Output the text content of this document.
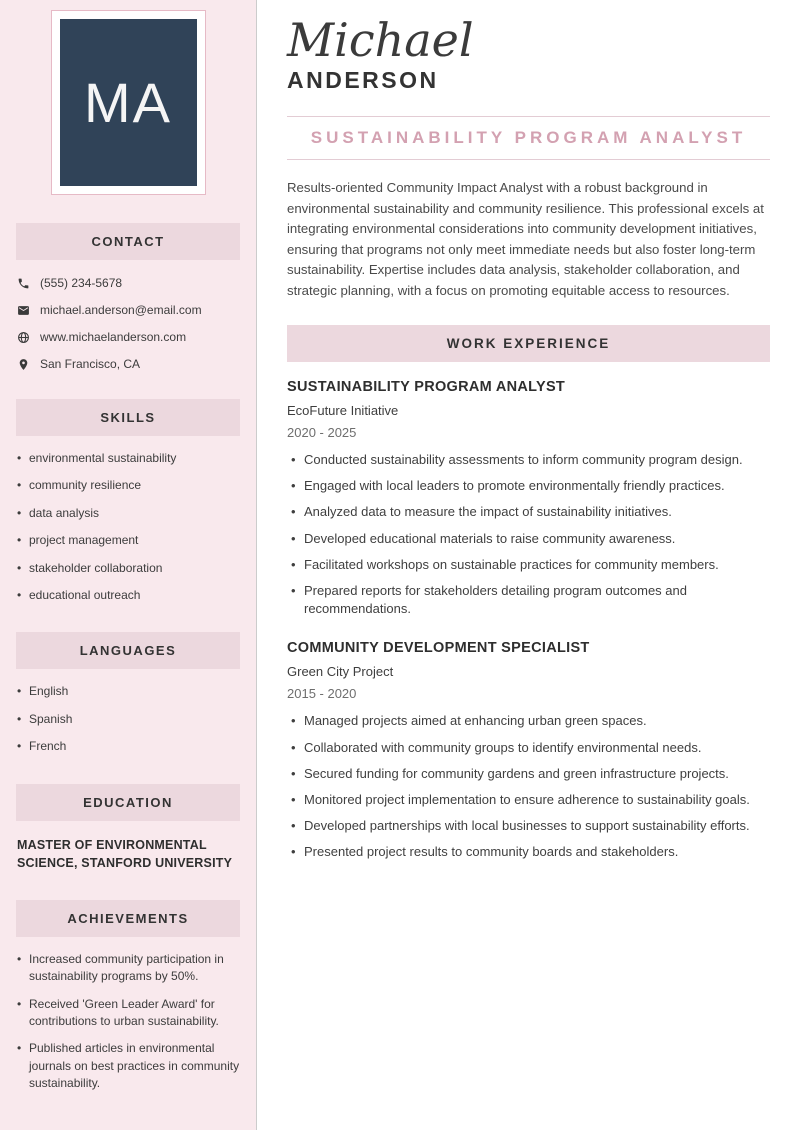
MA
CONTACT
(555) 234-5678
michael.anderson@email.com
www.michaelanderson.com
San Francisco, CA
SKILLS
• environmental sustainability
• community resilience
• data analysis
• project management
• stakeholder collaboration
• educational outreach
LANGUAGES
• English
• Spanish
• French
EDUCATION
MASTER OF ENVIRONMENTAL SCIENCE, STANFORD UNIVERSITY
ACHIEVEMENTS
• Increased community participation in sustainability programs by 50%.
• Received 'Green Leader Award' for contributions to urban sustainability.
• Published articles in environmental journals on best practices in community sustainability.
Michael
ANDERSON
SUSTAINABILITY PROGRAM ANALYST

Results-oriented Community Impact Analyst with a robust background in environmental sustainability and community resilience. This professional excels at integrating environmental considerations into community development initiatives, ensuring that programs not only meet immediate needs but also foster long-term sustainability. Expertise includes data analysis, stakeholder collaboration, and strategic planning, with a focus on promoting equitable access to resources.

WORK EXPERIENCE
SUSTAINABILITY PROGRAM ANALYST
EcoFuture Initiative
2020 - 2025
• Conducted sustainability assessments to inform community program design.
• Engaged with local leaders to promote environmentally friendly practices.
• Analyzed data to measure the impact of sustainability initiatives.
• Developed educational materials to raise community awareness.
• Facilitated workshops on sustainable practices for community members.
• Prepared reports for stakeholders detailing program outcomes and recommendations.
COMMUNITY DEVELOPMENT SPECIALIST
Green City Project
2015 - 2020
• Managed projects aimed at enhancing urban green spaces.
• Collaborated with community groups to identify environmental needs.
• Secured funding for community gardens and green infrastructure projects.
• Monitored project implementation to ensure adherence to sustainability goals.
• Developed partnerships with local businesses to support sustainability efforts.
• Presented project results to community boards and stakeholders.
